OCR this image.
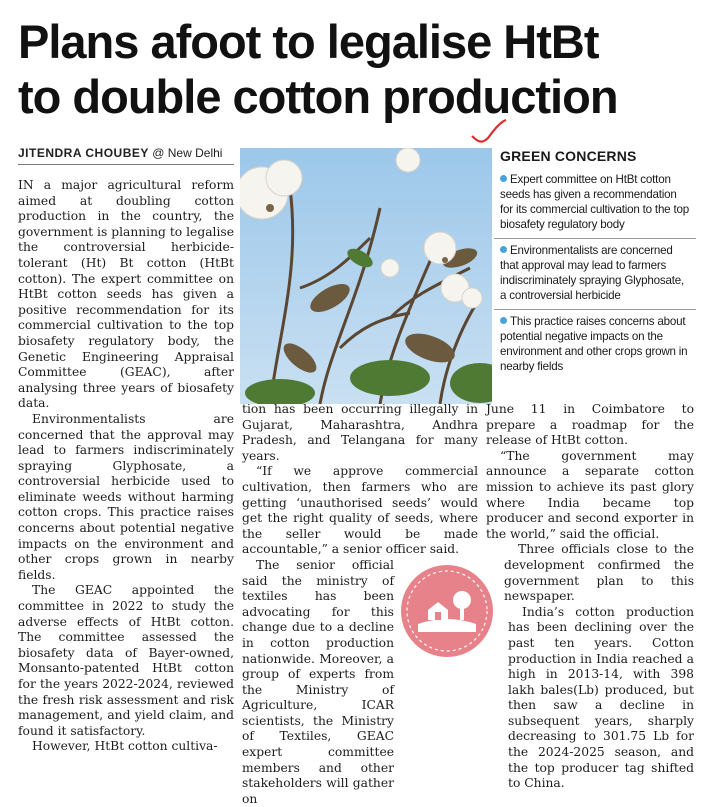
Plans afoot to legalise HtBt
to double cotton production
JITENDRA CHOUBEY @ New Delhi

IN a major agricultural reform aimed at doubling cotton production in the country, the government is planning to legalise the controversial herbicide-tolerant (Ht) Bt cotton (HtBt cotton). The expert committee on HtBt cotton seeds has given a positive recommendation for its commercial cultivation to the top biosafety regulatory body, the Genetic Engineering Appraisal Committee (GEAC), after analysing three years of biosafety data.

Environmentalists are concerned that the approval may lead to farmers indiscriminately spraying Glyphosate, a controversial herbicide used to eliminate weeds without harming cotton crops. This practice raises concerns about potential negative impacts on the environment and other crops grown in nearby fields.

The GEAC appointed the committee in 2022 to study the adverse effects of HtBt cotton. The committee assessed the biosafety data of Bayer-owned, Monsanto-patented HtBt cotton for the years 2022-2024, reviewed the fresh risk assessment and risk management, and yield claim, and found it satisfactory.

However, HtBt cotton cultiva-

GREEN CONCERNS
Expert committee on HtBt cotton seeds has given a recommendation for its commercial cultivation to the top biosafety regulatory body
Environmentalists are concerned that approval may lead to farmers indiscriminately spraying Glyphosate, a controversial herbicide
This practice raises concerns about potential negative impacts on the environment and other crops grown in nearby fields

tion has been occurring illegally in Gujarat, Maharashtra, Andhra Pradesh, and Telangana for many years.

“If we approve commercial cultivation, then farmers who are getting ‘unauthorised seeds’ would get the right quality of seeds, where the seller would be made accountable,” a senior officer said.

The senior official said the ministry of textiles has been advocating for this change due to a decline in cotton production nationwide. Moreover, a group of experts from the Ministry of Agriculture, ICAR scientists, the Ministry of Textiles, GEAC expert committee members and other stakeholders will gather on

June 11 in Coimbatore to prepare a roadmap for the release of HtBt cotton.

“The government may announce a separate cotton mission to achieve its past glory where India became top producer and second exporter in the world,” said the official.

Three officials close to the development confirmed the government plan to this newspaper.

India’s cotton production has been declining over the past ten years. Cotton production in India reached a high in 2013-14, with 398 lakh bales(Lb) produced, but then saw a decline in subsequent years, sharply decreasing to 301.75 Lb for the 2024-2025 season, and the top producer tag shifted to China.
